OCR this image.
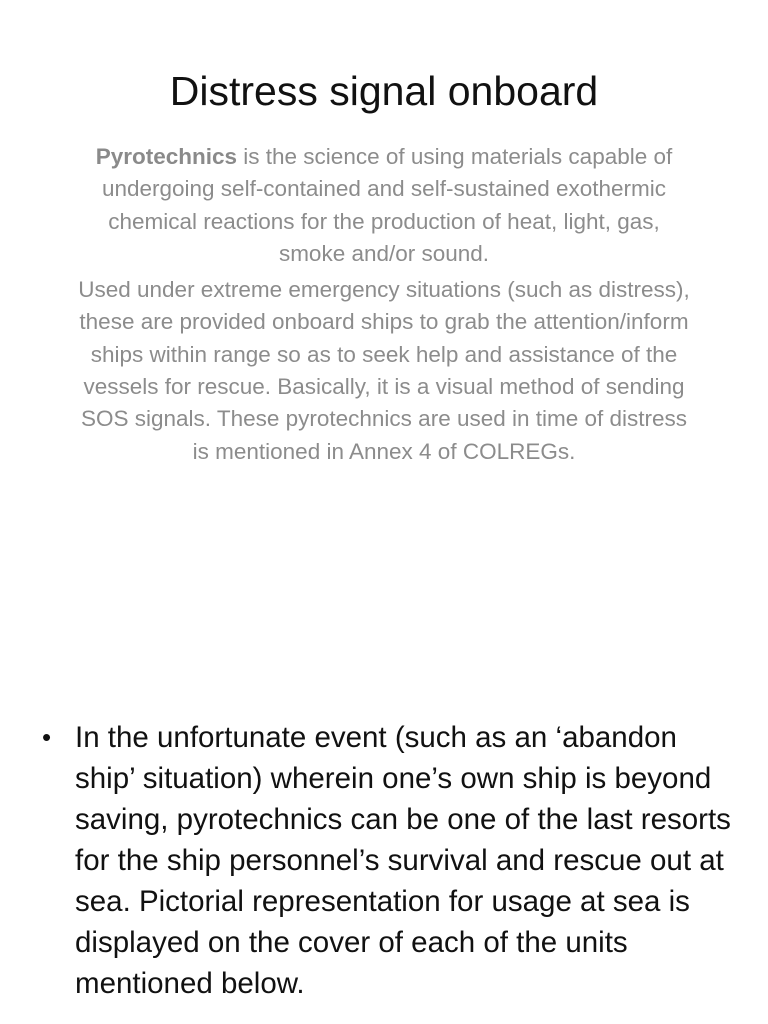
Distress signal onboard

Pyrotechnics is the science of using materials capable of undergoing self-contained and self-sustained exothermic chemical reactions for the production of heat, light, gas, smoke and/or sound.

Used under extreme emergency situations (such as distress), these are provided onboard ships to grab the attention/inform ships within range so as to seek help and assistance of the vessels for rescue. Basically, it is a visual method of sending SOS signals. These pyrotechnics are used in time of distress is mentioned in Annex 4 of COLREGs.

• In the unfortunate event (such as an ‘abandon ship’ situation) wherein one’s own ship is beyond saving, pyrotechnics can be one of the last resorts for the ship personnel’s survival and rescue out at sea. Pictorial representation for usage at sea is displayed on the cover of each of the units mentioned below.
